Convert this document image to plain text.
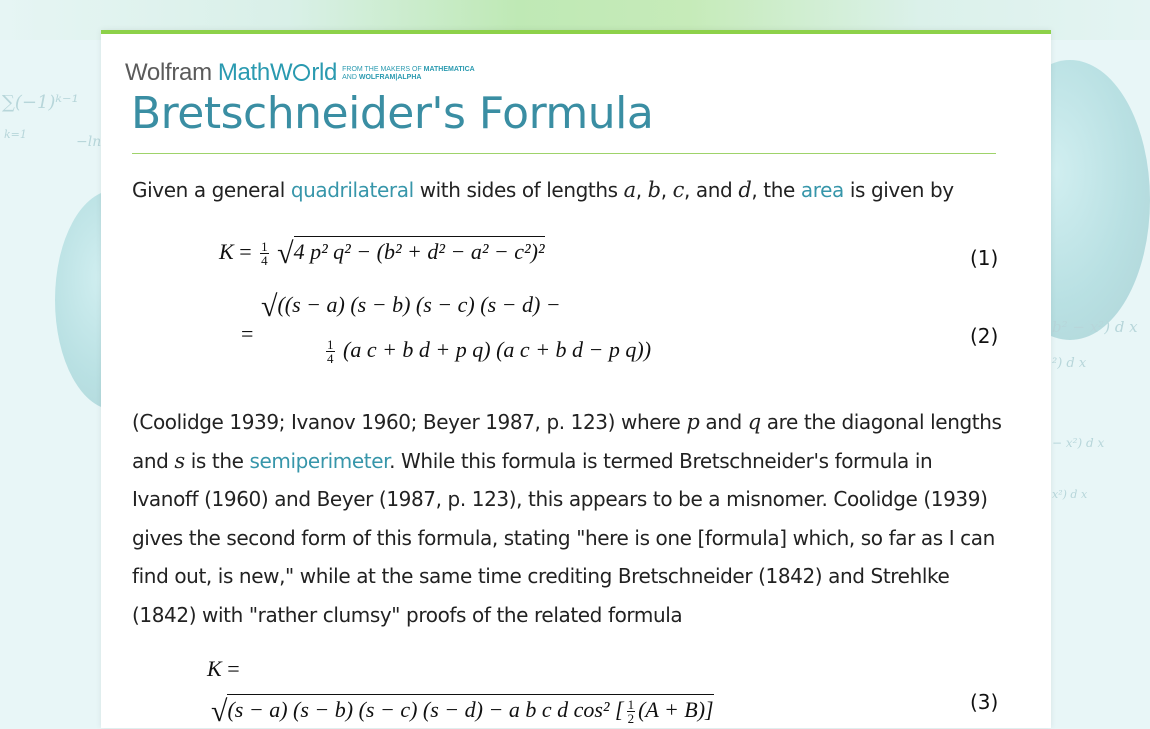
∑(−1)ᵏ⁻¹
k=1	−ln
b² − x²) d x
²) d x
− x²) d x
x²) d x
Wolfram MathW rld FROM THE MAKERS OF MATHEMATICA
AND WOLFRAM|ALPHA
Bretschneider's Formula

Given a general quadrilateral with sides of lengths a, b, c, and d, the area is given by

$K = \frac{1}{4} √4$ p² q² − (b² + d² − a² − c²)²	(1)
=
√((s − a) (s − b) (s − c) (s − d) −
$\frac{1}{4} (a$ c + b d + p q) (a c + b d − p q))
(2)

(Coolidge 1939; Ivanov 1960; Beyer 1987, p. 123) where p and q are the diagonal lengths and s is the semiperimeter. While this formula is termed Bretschneider's formula in Ivanoff (1960) and Beyer (1987, p. 123), this appears to be a misnomer. Coolidge (1939) gives the second form of this formula, stating "here is one [formula] which, so far as I can find out, is new," while at the same time crediting Bretschneider (1842) and Strehlke (1842) with "rather clumsy" proofs of the related formula

K =
√(s − a) (s − b) (s − c) (s − d) − a b c d cos² [ $\frac{1}{2} (A + B)$]	(3)
